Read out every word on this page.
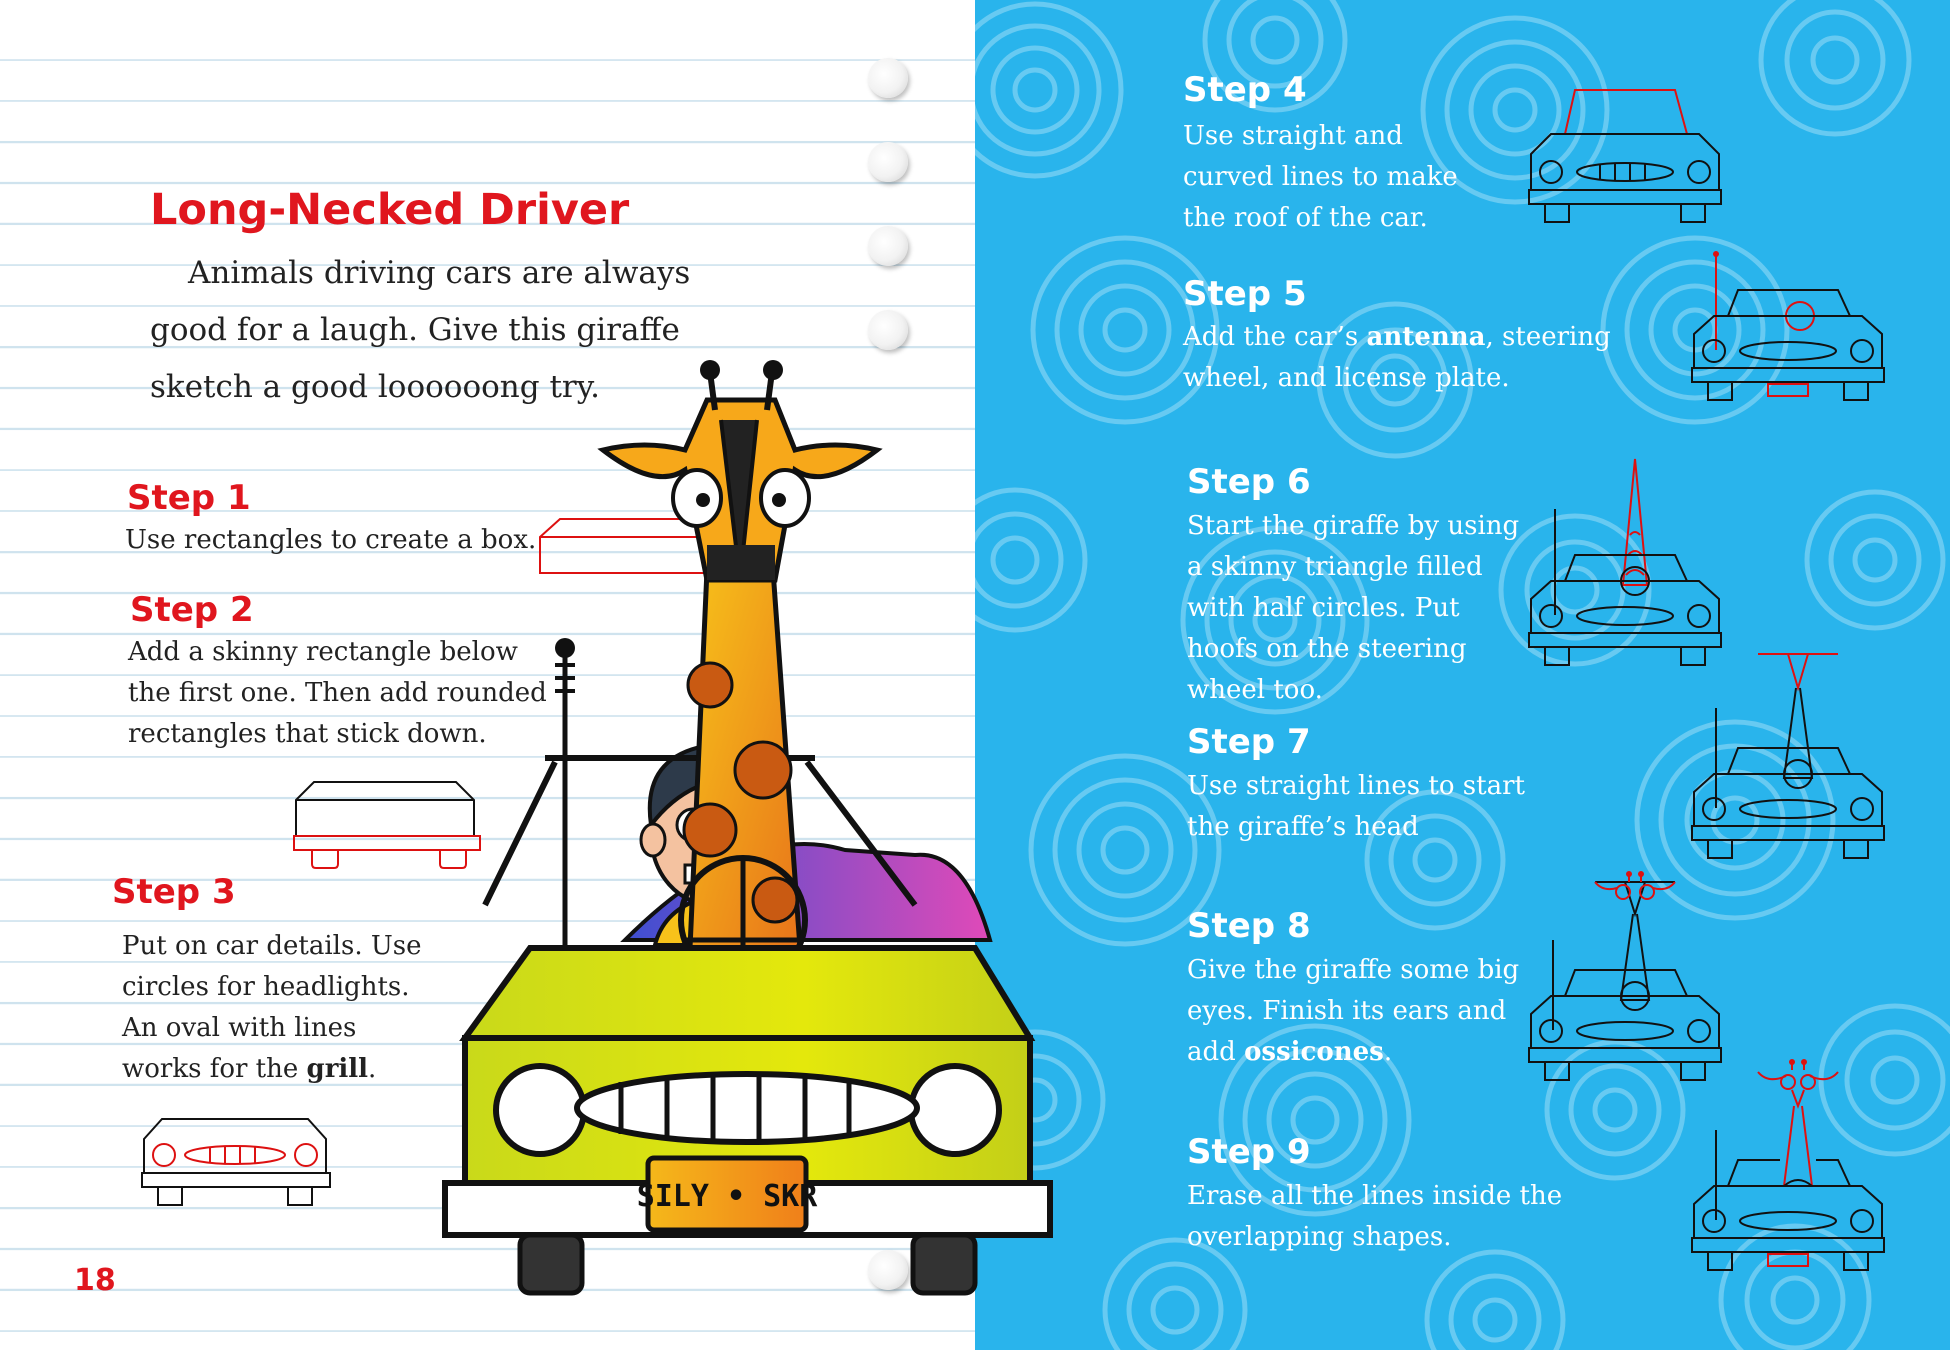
Long-Necked Driver

Animals driving cars are always good for a laugh. Give this giraffe sketch a good loooooong try.

Step 1

Use rectangles to create a box.

Step 2

Add a skinny rectangle below the first one. Then add rounded rectangles that stick down.

Step 3

Put on car details. Use circles for headlights. An oval with lines works for the grill.

18
Step 4

Use straight and curved lines to make the roof of the car.

Step 5

Add the car’s antenna, steering wheel, and license plate.

Step 6

Start the giraffe by using a skinny triangle filled with half circles. Put hoofs on the steering wheel too.

Step 7

Use straight lines to start the giraffe’s head

Step 8

Give the giraffe some big eyes. Finish its ears and add ossicones.

Step 9

Erase all the lines inside the overlapping shapes.

SILY • SKR
